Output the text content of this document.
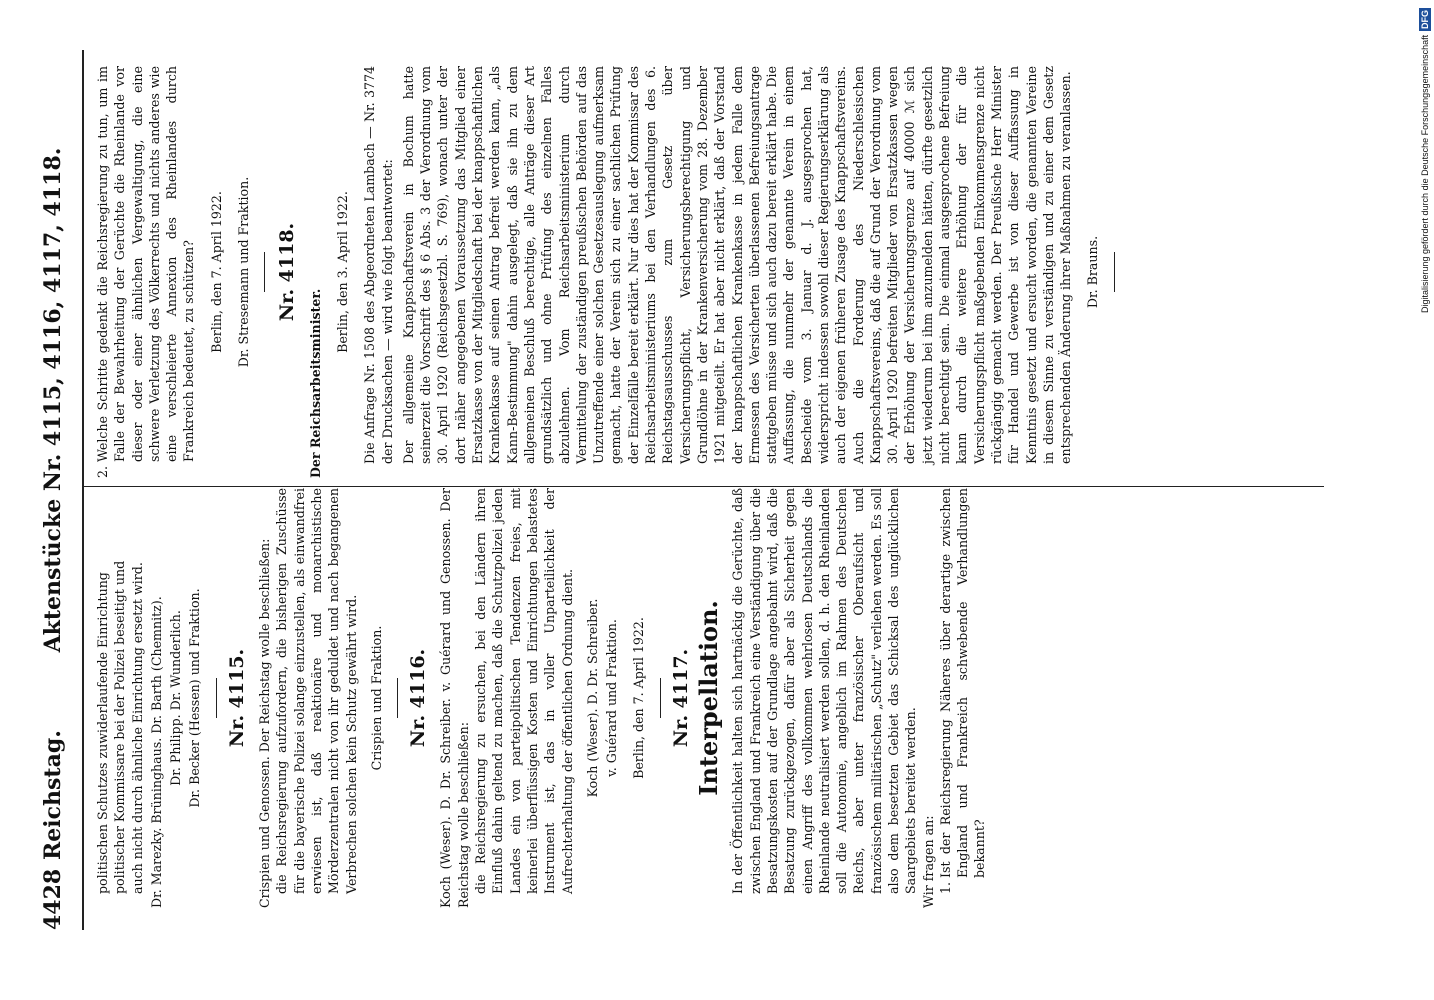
4428
Reichstag.
Aktenstücke Nr. 4115, 4116, 4117, 4118.

politischen Schutzes zuwiderlaufende Einrichtung politischer Kommissare bei der Polizei beseitigt und auch nicht durch ähnliche Einrichtung ersetzt wird. Dr. Marezky. Brüninghaus. Dr. Barth (Chemnitz). Dr. Philipp. Dr. Wunderlich. Dr. Becker (Hessen) und Fraktion. Nr. 4115. Crispien und Genossen. Der Reichstag wolle beschließen: die Reichsregierung aufzufordern, die bisherigen Zuschüsse für die bayerische Polizei solange einzustellen, als einwandfrei erwiesen ist, daß reaktionäre und monarchistische Mörderzentralen nicht von ihr geduldet und nach begangenen Verbrechen solchen kein Schutz gewährt wird. Crispien und Fraktion. Nr. 4116. Koch (Weser). D. Dr. Schreiber. v. Guérard und Genossen. Der Reichstag wolle beschließen: die Reichsregierung zu ersuchen, bei den Ländern ihren Einfluß dahin geltend zu machen, daß die Schutzpolizei jeden Landes ein von parteipolitischen Tendenzen freies, mit keinerlei überflüssigen Kosten und Einrichtungen belastetes Instrument ist, das in voller Unparteilichkeit der Aufrechterhaltung der öffentlichen Ordnung dient. Koch (Weser). D. Dr. Schreiber. v. Guérard und Fraktion. Berlin, den 7. April 1922. Nr. 4117. Interpellation. In der Öffentlichkeit halten sich hartnäckig die Gerüchte, daß zwischen England und Frankreich eine Verständigung über die Besatzungskosten auf der Grundlage angebahnt wird, daß die Besatzung zurückgezogen, dafür aber als Sicherheit gegen einen Angriff des vollkommen wehrlosen Deutschlands die Rheinlande neutralisiert werden sollen, d. h. den Rheinlanden soll die Autonomie, angeblich im Rahmen des Deutschen Reichs, aber unter französischer Oberaufsicht und französischem militärischen „Schutz" verliehen werden. Es soll also dem besetzten Gebiet das Schicksal des unglücklichen Saargebiets bereitet werden. Wir fragen an: 1.
Ist der Reichsregierung Näheres über derartige zwischen England und Frankreich schwebende Verhandlungen bekannt?
2.
Welche Schritte gedenkt die Reichsregierung zu tun, um im Falle der Bewahrheitung der Gerüchte die Rheinlande vor dieser oder einer ähnlichen Vergewaltigung, die eine schwere Verletzung des Völkerrechts und nichts anderes wie eine verschleierte Annexion des Rheinlandes durch Frankreich bedeutet, zu schützen? Berlin, den 7. April 1922. Dr. Stresemann und Fraktion. Nr. 4118.

Der Reichsarbeitsminister.

Berlin, den 3. April 1922. Die Anfrage Nr. 1508 des Abgeordneten Lambach — Nr. 3774 der Drucksachen — wird wie folgt beantwortet: Der allgemeine Knappschaftsverein in Bochum hatte seinerzeit die Vorschrift des § 6 Abs. 3 der Verordnung vom 30. April 1920 (Reichsgesetzbl. S. 769), wonach unter der dort näher angegebenen Voraussetzung das Mitglied einer Ersatzkasse von der Mitgliedschaft bei der knappschaftlichen Krankenkasse auf seinen Antrag befreit werden kann, „als Kann-Bestimmung" dahin ausgelegt, daß sie ihn zu dem allgemeinen Beschluß berechtige, alle Anträge dieser Art grundsätzlich und ohne Prüfung des einzelnen Falles abzulehnen. Vom Reichsarbeitsministerium durch Vermittelung der zuständigen preußischen Behörden auf das Unzutreffende einer solchen Gesetzesauslegung aufmerksam gemacht, hatte der Verein sich zu einer sachlichen Prüfung der Einzelfälle bereit erklärt. Nur dies hat der Kommissar des Reichsarbeitsministeriums bei den Verhandlungen des 6. Reichstagsausschusses zum Gesetz über Versicherungspflicht, Versicherungsberechtigung und Grundlöhne in der Krankenversicherung vom 28. Dezember 1921 mitgeteilt. Er hat aber nicht erklärt, daß der Vorstand der knappschaftlichen Krankenkasse in jedem Falle dem Ermessen des Versicherten überlassenen Befreiungsantrage stattgeben müsse und sich auch dazu bereit erklärt habe. Die Auffassung, die nunmehr der genannte Verein in einem Bescheide vom 3. Januar d. J. ausgesprochen hat, widerspricht indessen sowohl dieser Regierungserklärung als auch der eigenen früheren Zusage des Knappschaftsvereins. Auch die Forderung des Niederschlesischen Knappschaftsvereins, daß die auf Grund der Verordnung vom 30. April 1920 befreiten Mitglieder von Ersatzkassen wegen der Erhöhung der Versicherungsgrenze auf 40000 ℳ sich jetzt wiederum bei ihm anzumelden hätten, dürfte gesetzlich nicht berechtigt sein. Die einmal ausgesprochene Befreiung kann durch die weitere Erhöhung der für die Versicherungspflicht maßgebenden Einkommensgrenze nicht rückgängig gemacht werden. Der Preußische Herr Minister für Handel und Gewerbe ist von dieser Auffassung in Kenntnis gesetzt und ersucht worden, die genannten Vereine in diesem Sinne zu verständigen und zu einer dem Gesetz entsprechenden Änderung ihrer Maßnahmen zu veranlassen. Dr. Brauns.	Digitalisierung gefördert durch die Deutsche Forschungsgemeinschaft
DFG
